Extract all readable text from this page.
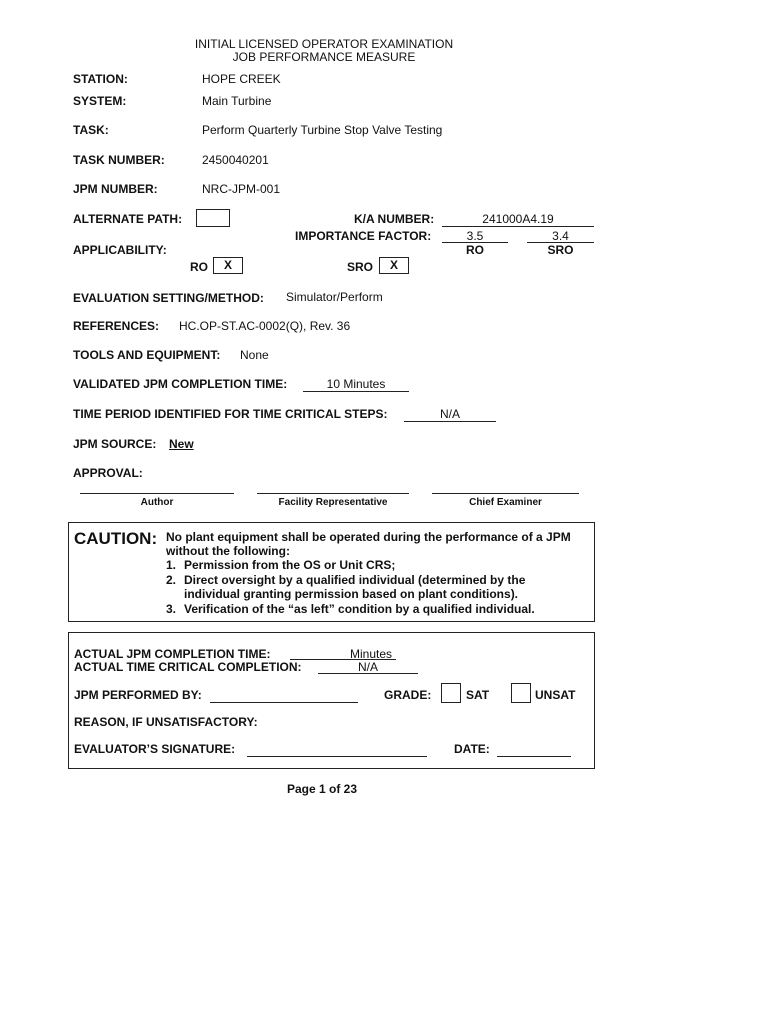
INITIAL LICENSED OPERATOR EXAMINATION
JOB PERFORMANCE MEASURE
STATION:	HOPE CREEK
SYSTEM:	Main Turbine
TASK:	Perform Quarterly Turbine Stop Valve Testing
TASK NUMBER:	2450040201
JPM NUMBER:	NRC-JPM-001
ALTERNATE PATH:	K/A NUMBER:	241000A4.19
IMPORTANCE FACTOR:	3.5	3.4
RO	SRO
APPLICABILITY:
RO	X	SRO	X
EVALUATION SETTING/METHOD: Simulator/Perform
REFERENCES: HC.OP-ST.AC-0002(Q), Rev. 36
TOOLS AND EQUIPMENT: None
VALIDATED JPM COMPLETION TIME:	10 Minutes
TIME PERIOD IDENTIFIED FOR TIME CRITICAL STEPS:	N/A
JPM SOURCE: New
APPROVAL:
Author	Facility Representative	Chief Examiner
CAUTION: No plant equipment shall be operated during the performance of a JPM
without the following:
1. Permission from the OS or Unit CRS;
2. Direct oversight by a qualified individual (determined by the
individual granting permission based on plant conditions).
3. Verification of the “as left” condition by a qualified individual.
ACTUAL JPM COMPLETION TIME:	Minutes
ACTUAL TIME CRITICAL COMPLETION:	N/A
JPM PERFORMED BY:	GRADE:	SAT	UNSAT
REASON, IF UNSATISFACTORY:
EVALUATOR’S SIGNATURE:	DATE:
Page 1 of 23
